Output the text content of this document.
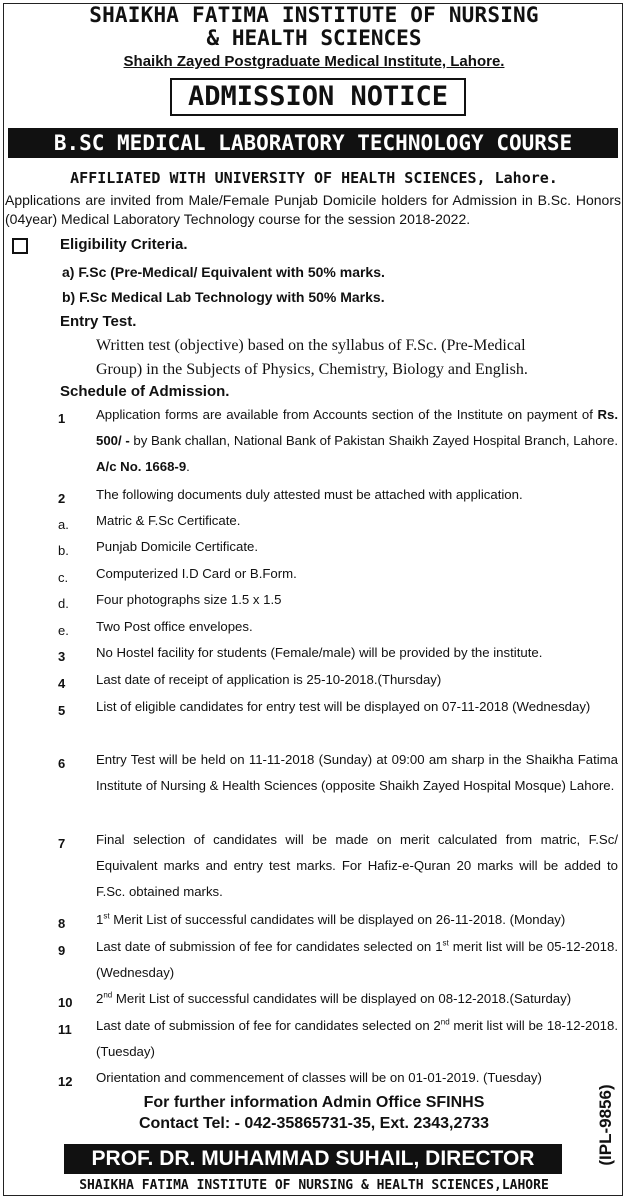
SHAIKHA FATIMA INSTITUTE OF NURSING
& HEALTH SCIENCES
Shaikh Zayed Postgraduate Medical Institute, Lahore.
ADMISSION NOTICE
B.SC MEDICAL LABORATORY TECHNOLOGY COURSE
AFFILIATED WITH UNIVERSITY OF HEALTH SCIENCES, Lahore.
Applications are invited from Male/Female Punjab Domicile holders for Admission in B.Sc. Honors (04year) Medical Laboratory Technology course for the session 2018-2022.
Eligibility Criteria.
a) F.Sc (Pre-Medical/ Equivalent with 50% marks.
b) F.Sc Medical Lab Technology with 50% Marks.
Entry Test.
Written test (objective) based on the syllabus of F.Sc. (Pre-Medical
Group) in the Subjects of Physics, Chemistry, Biology and English.
Schedule of Admission.
1 Application forms are available from Accounts section of the Institute on payment of Rs. 500/ - by Bank challan, National Bank of Pakistan Shaikh Zayed Hospital Branch, Lahore. A/c No. 1668-9.
2 The following documents duly attested must be attached with application.
a. Matric & F.Sc Certificate.
b. Punjab Domicile Certificate.
c. Computerized I.D Card or B.Form.
d. Four photographs size 1.5 x 1.5
e. Two Post office envelopes.
3 No Hostel facility for students (Female/male) will be provided by the institute.
4 Last date of receipt of application is 25-10-2018.(Thursday)
5 List of eligible candidates for entry test will be displayed on 07-11-2018 (Wednesday)
6 Entry Test will be held on 11-11-2018 (Sunday) at 09:00 am sharp in the Shaikha Fatima Institute of Nursing & Health Sciences (opposite Shaikh Zayed Hospital Mosque) Lahore.
7 Final selection of candidates will be made on merit calculated from matric, F.Sc/ Equivalent marks and entry test marks. For Hafiz-e-Quran 20 marks will be added to F.Sc. obtained marks.
8 1st Merit List of successful candidates will be displayed on 26-11-2018. (Monday)
9 Last date of submission of fee for candidates selected on 1st merit list will be 05-12-2018. (Wednesday)
10 2nd Merit List of successful candidates will be displayed on 08-12-2018.(Saturday)
11 Last date of submission of fee for candidates selected on 2nd merit list will be 18-12-2018. (Tuesday)
12 Orientation and commencement of classes will be on 01-01-2019. (Tuesday)
For further information Admin Office SFINHS
Contact Tel: - 042-35865731-35, Ext. 2343,2733
PROF. DR. MUHAMMAD SUHAIL, DIRECTOR
SHAIKHA FATIMA INSTITUTE OF NURSING & HEALTH SCIENCES,LAHORE
(IPL-9856)
